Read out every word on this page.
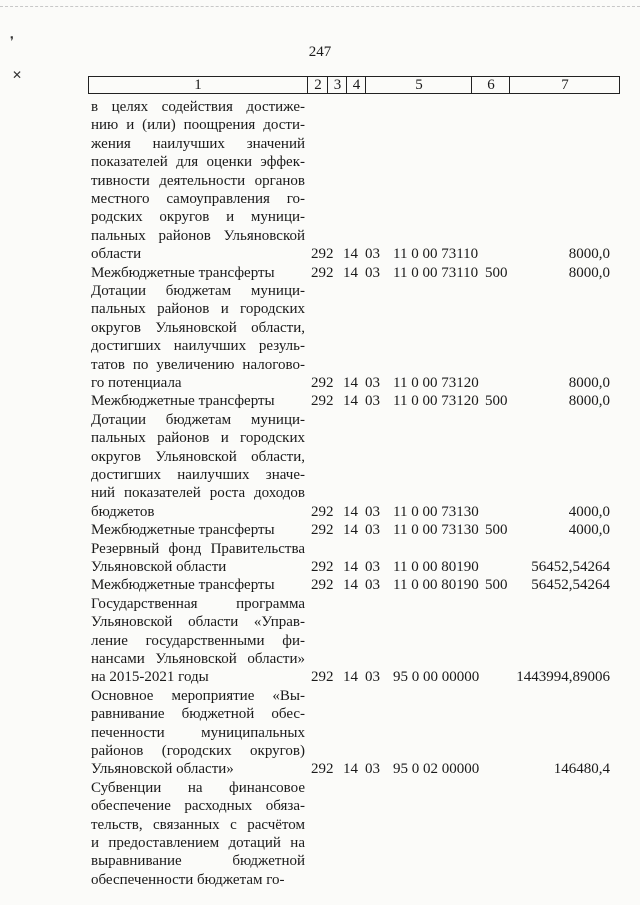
❜
✕
247
1	2 3 4	5	6	7
в целях содействия достиже-
нию и (или) поощрения дости-
жения наилучших значений
показателей для оценки эффек-
тивности деятельности органов
местного самоуправления го-
родских округов и муници-
пальных районов Ульяновской
области	292 14 03 11 0 00 73110	8000,0
Межбюджетные трансферты	292 14 03 11 0 00 73110 500	8000,0
Дотации бюджетам муници-
пальных районов и городских
округов Ульяновской области,
достигших наилучших резуль-
татов по увеличению налогово-
го потенциала	292 14 03 11 0 00 73120	8000,0
Межбюджетные трансферты	292 14 03 11 0 00 73120 500	8000,0
Дотации бюджетам муници-
пальных районов и городских
округов Ульяновской области,
достигших наилучших значе-
ний показателей роста доходов
бюджетов	292 14 03 11 0 00 73130	4000,0
Межбюджетные трансферты	292 14 03 11 0 00 73130 500	4000,0
Резервный фонд Правительства
Ульяновской области	292 14 03 11 0 00 80190	56452,54264
Межбюджетные трансферты	292 14 03 11 0 00 80190 500 56452,54264
Государственная программа
Ульяновской области «Управ-
ление государственными фи-
нансами Ульяновской области»
на 2015-2021 годы	292 14 03 95 0 00 00000 1443994,89006
Основное мероприятие «Вы-
равнивание бюджетной обес-
печенности муниципальных
районов (городских округов)
Ульяновской области»	292 14 03 95 0 02 00000	146480,4
Субвенции на финансовое
обеспечение расходных обяза-
тельств, связанных с расчётом
и предоставлением дотаций на
выравнивание бюджетной
обеспеченности бюджетам го-
